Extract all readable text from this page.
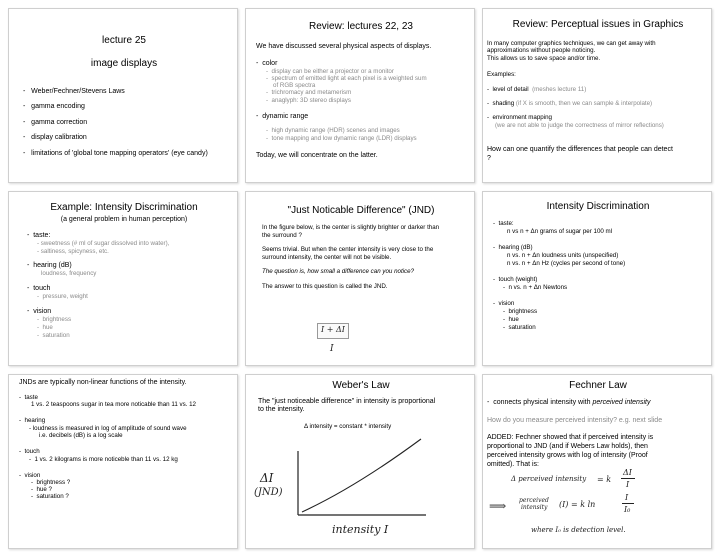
lecture 25
image displays
-   Weber/Fechner/Stevens Laws
-   gamma encoding
-   gamma correction
-   display calibration
-   limitations of 'global tone mapping operators' (eye candy)
Review: lectures 22, 23
We have discussed several physical aspects of displays.
-  color
-  display can be either a projector or a monitor
-  spectrum of emitted light at each pixel is a weighted sum
of RGB spectra
-  trichromacy and metamerism
-  anaglyph: 3D stereo displays
-  dynamic range
-  high dynamic range (HDR) scenes and images
-  tone mapping and low dynamic range (LDR) displays
Today, we will concentrate on the latter.
Review: Perceptual issues in Graphics
In many computer graphics techniques, we can get away with
approximations without people noticing.
This allows us to save space and/or time.
Examples:
-  level of detail (meshes lecture 11)
-  shading (if X is smooth, then we can sample & interpolate)
-  environment mapping
(we are not able to judge the correctness of mirror reflections)
How can one quantify the differences that people can detect
?
Example: Intensity Discrimination
(a general problem in human perception)
-  taste:
- sweetness (# ml of sugar dissolved into water),
- saltiness, spicyness, etc.
-  hearing (dB)
loudness, frequency
-  touch
-  pressure, weight
-  vision
-  brightness
-  hue
-  saturation
"Just Noticable Difference" (JND)
In the figure below, is the center is slightly brighter or darker than
the surround ?
Seems trivial. But when the center intensity is very close to the
surround intensity, the center will not be visible.
The question is, how small a difference can you notice?
The answer to this question is called the JND.
I + ΔI
I
Intensity Discrimination
-  taste:
n vs n + Δn grams of sugar per 100 ml
-  hearing (dB)
n vs. n + Δn loudness units (unspecified)
n vs. n + Δn Hz (cycles per second of tone)
-  touch (weight)
-  n vs. n + Δn Newtons
-  vision
-  brightness
-  hue
-  saturation
JNDs are typically non-linear functions of the intensity.
-  taste
1 vs. 2 teaspoons sugar in tea more noticable than 11 vs. 12
-  hearing
- loudness is measured in log of amplitude of sound wave
i.e. decibels (dB) is a log scale
-  touch
-  1 vs. 2 kilograms is more noticeble than 11 vs. 12 kg
-  vision
-  brightness ?
-  hue ?
-  saturation ?
Weber's Law
The "just noticeable difference" in intensity is proportional
to the intensity.
Δ intensity = constant * intensity
ΔI
(JND)
intensity I
Fechner Law
-  connects physical intensity with perceived intensity
How do you measure perceived intensity? e.g. next slide
ADDED: Fechner showed that if perceived intensity is
proportional to JND (and if Webers Law holds), then
perceived intensity grows with log of intensity (Proof
omitted). That is:
Δ perceived intensity = k
ΔI
I
⟹ perceived
intensity (I) = k ln
I
I₀
where I₀ is detection level.
